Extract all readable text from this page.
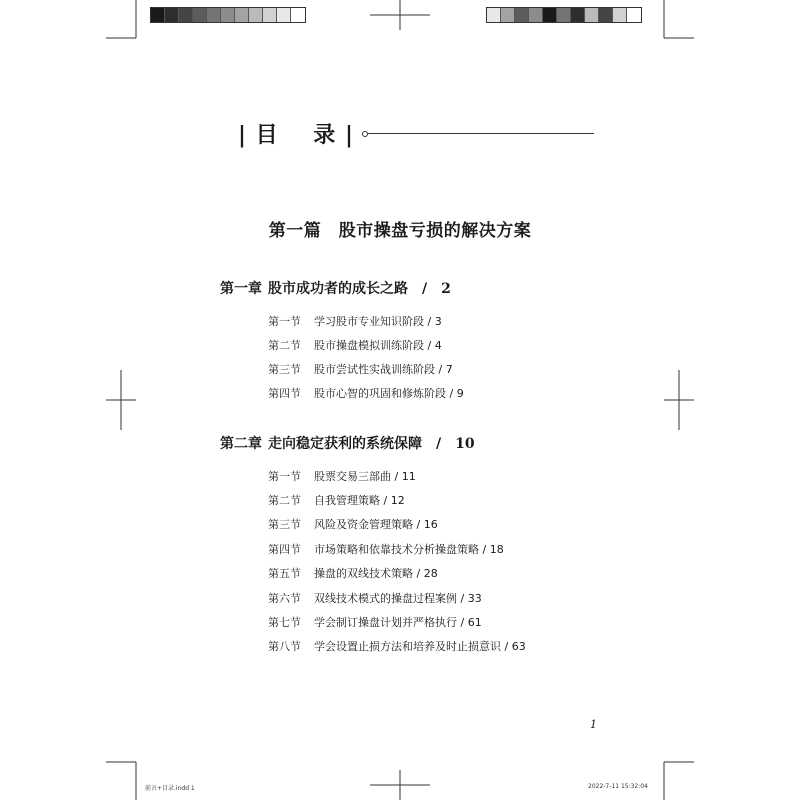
| 目    录 |
第一篇　股市操盘亏损的解决方案
第一章 股市成功者的成长之路　/　2
第一节 学习股市专业知识阶段 / 3
第二节 股市操盘模拟训练阶段 / 4
第三节 股市尝试性实战训练阶段 / 7
第四节 股市心智的巩固和修炼阶段 / 9
第二章 走向稳定获利的系统保障　/　10
第一节 股票交易三部曲 / 11
第二节 自我管理策略 / 12
第三节 风险及资金管理策略 / 16
第四节 市场策略和依靠技术分析操盘策略 / 18
第五节 操盘的双线技术策略 / 28
第六节 双线技术模式的操盘过程案例 / 33
第七节 学会制订操盘计划并严格执行 / 61
第八节 学会设置止损方法和培养及时止损意识 / 63
1
前言+目录.indd 1	2022-7-11 15:32:04
